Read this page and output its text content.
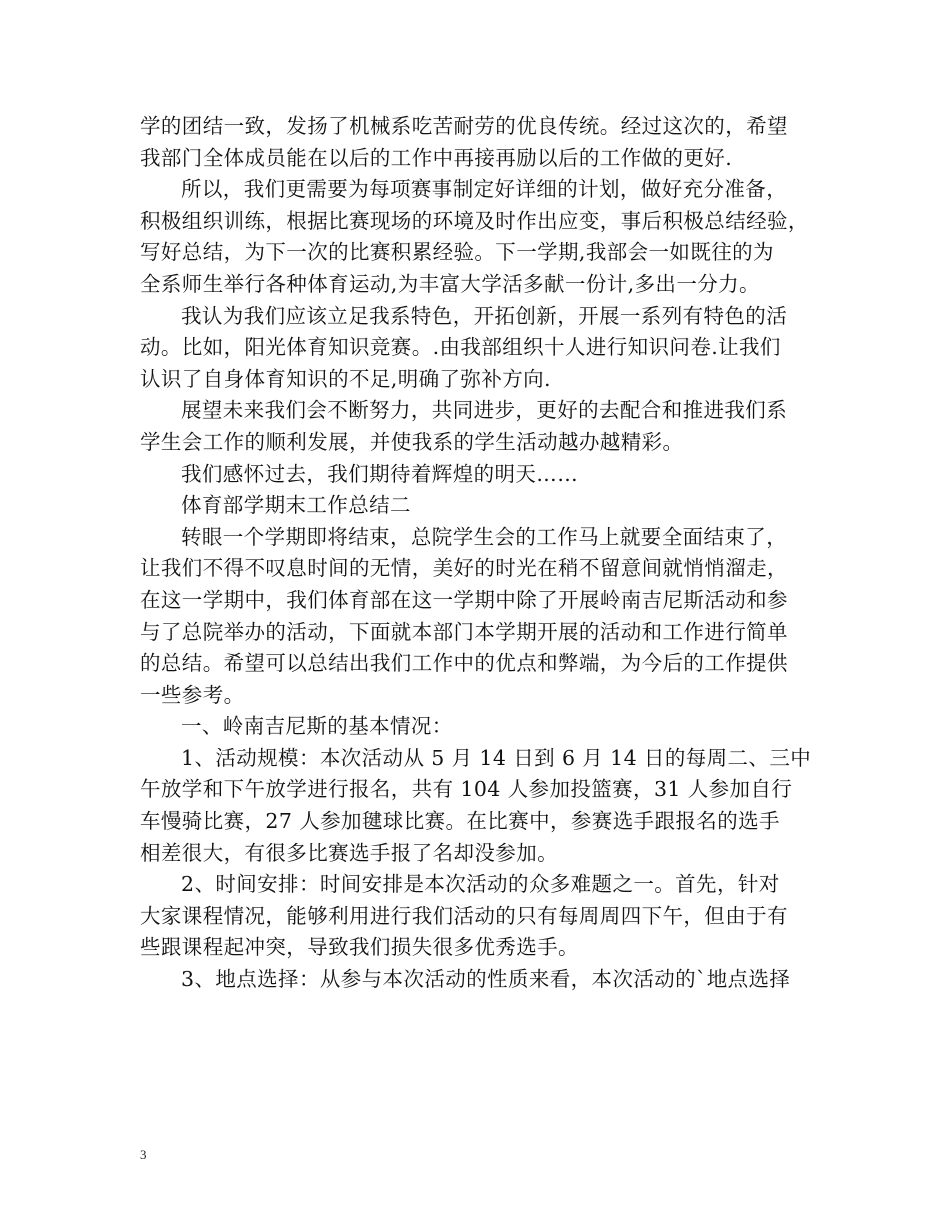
学的团结一致，发扬了机械系吃苦耐劳的优良传统。经过这次的，希望
我部门全体成员能在以后的工作中再接再励以后的工作做的更好.
所以，我们更需要为每项赛事制定好详细的计划，做好充分准备，
积极组织训练，根据比赛现场的环境及时作出应变，事后积极总结经验，
写好总结，为下一次的比赛积累经验。下一学期,我部会一如既往的为
全系师生举行各种体育运动,为丰富大学活多献一份计,多出一分力。
我认为我们应该立足我系特色，开拓创新，开展一系列有特色的活
动。比如，阳光体育知识竞赛。.由我部组织十人进行知识问卷.让我们
认识了自身体育知识的不足,明确了弥补方向.
展望未来我们会不断努力，共同进步，更好的去配合和推进我们系
学生会工作的顺利发展，并使我系的学生活动越办越精彩。
我们感怀过去，我们期待着辉煌的明天……
体育部学期末工作总结二
转眼一个学期即将结束，总院学生会的工作马上就要全面结束了，
让我们不得不叹息时间的无情，美好的时光在稍不留意间就悄悄溜走，
在这一学期中，我们体育部在这一学期中除了开展岭南吉尼斯活动和参
与了总院举办的活动，下面就本部门本学期开展的活动和工作进行简单
的总结。希望可以总结出我们工作中的优点和弊端，为今后的工作提供
一些参考。
一、岭南吉尼斯的基本情况：
1、活动规模：本次活动从 5 月 14 日到 6 月 14 日的每周二、三中
午放学和下午放学进行报名，共有 104 人参加投篮赛，31 人参加自行
车慢骑比赛，27 人参加毽球比赛。在比赛中，参赛选手跟报名的选手
相差很大，有很多比赛选手报了名却没参加。
2、时间安排：时间安排是本次活动的众多难题之一。首先，针对
大家课程情况，能够利用进行我们活动的只有每周周四下午，但由于有
些跟课程起冲突，导致我们损失很多优秀选手。
3、地点选择：从参与本次活动的性质来看，本次活动的`地点选择
3
